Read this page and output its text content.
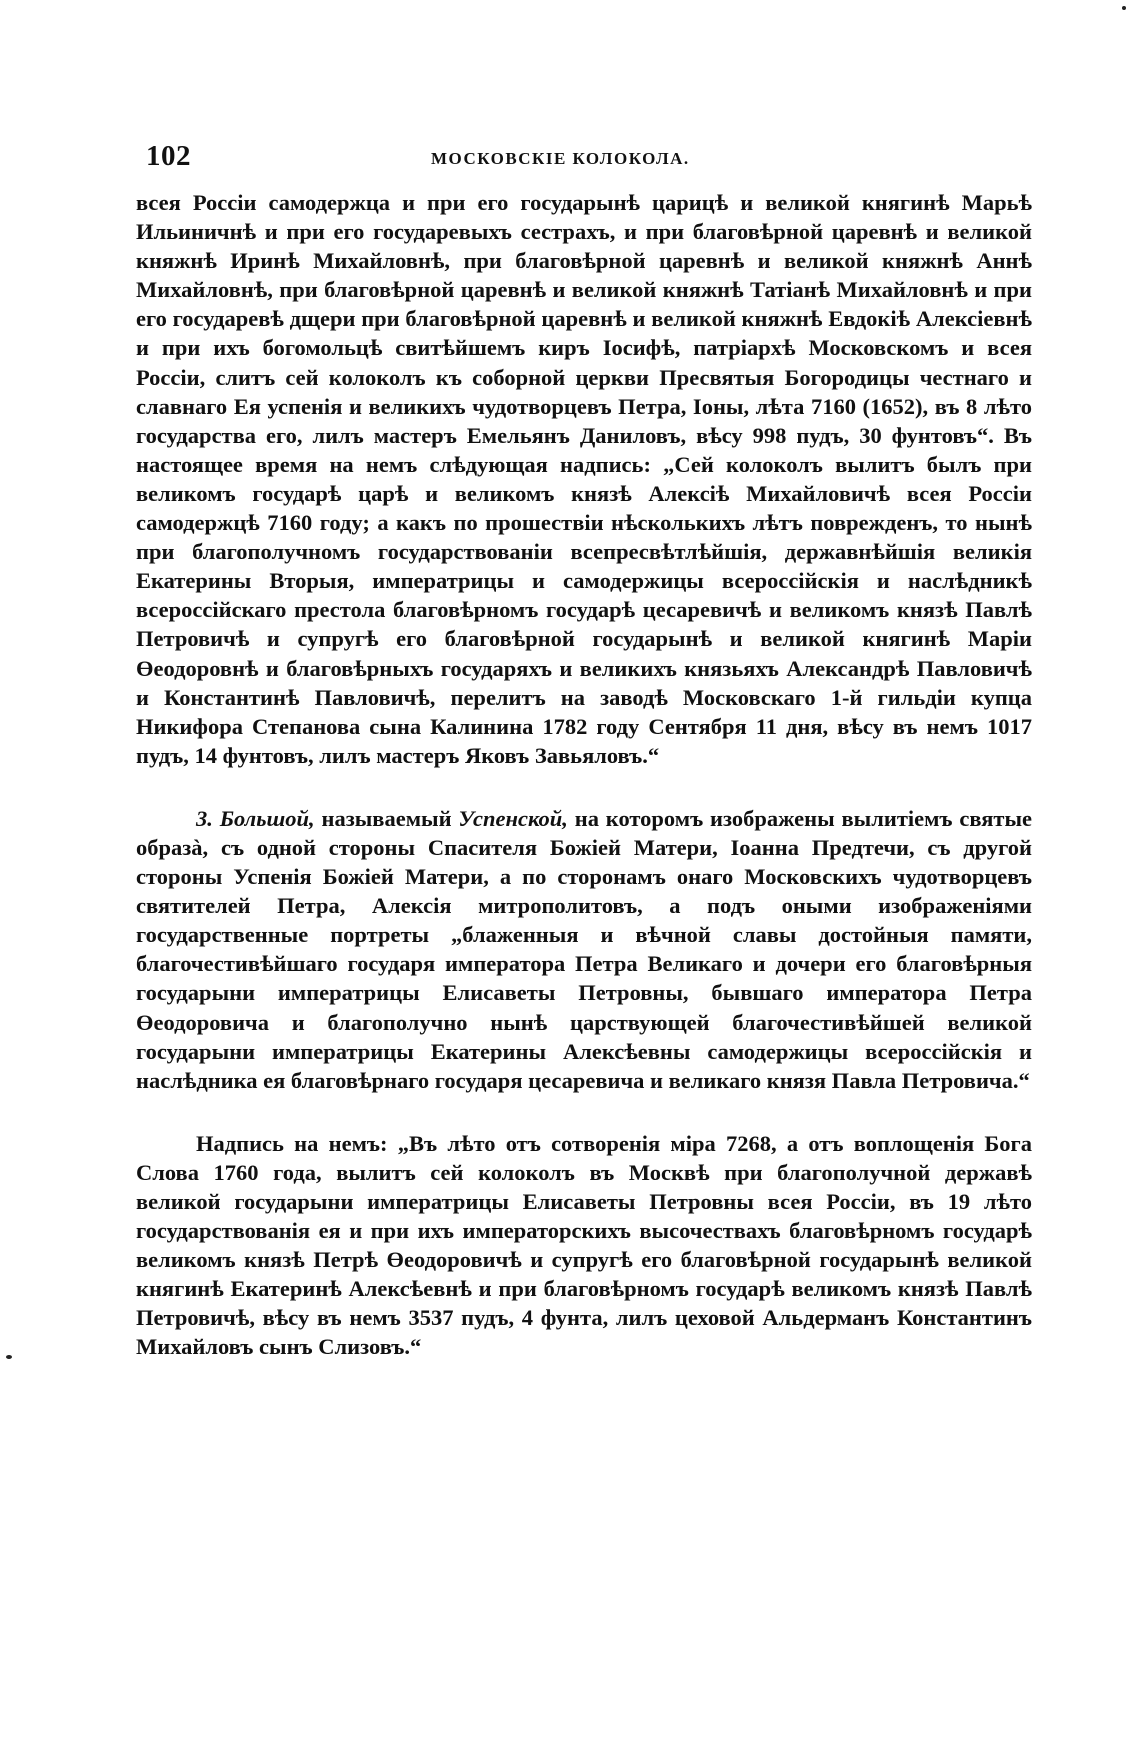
102	МОСКОВСКІЕ КОЛОКОЛА.

всея Россіи самодержца и при его государынѣ царицѣ и великой княгинѣ Марьѣ Ильиничнѣ и при его государевыхъ сестрахъ, и при благовѣрной царевнѣ и великой княжнѣ Иринѣ Михайловнѣ, при благовѣрной царевнѣ и великой княжнѣ Аннѣ Михайловнѣ, при благовѣрной царевнѣ и великой княжнѣ Татіанѣ Михайловнѣ и при его государевѣ дщери при благовѣрной царевнѣ и великой княжнѣ Евдокіѣ Алексіевнѣ и при ихъ богомольцѣ свитѣйшемъ киръ Іосифѣ, патріархѣ Московскомъ и всея Россіи, слитъ сей колоколъ къ соборной церкви Пресвятыя Богородицы честнаго и славнаго Ея успенія и великихъ чудотворцевъ Петра, Іоны, лѣта 7160 (1652), въ 8 лѣто государства его, лилъ мастеръ Емельянъ Даниловъ, вѣсу 998 пудъ, 30 фунтовъ“. Въ настоящее время на немъ слѣдующая надпись: „Сей колоколъ вылитъ былъ при великомъ государѣ царѣ и великомъ князѣ Алексіѣ Михайловичѣ всея Россіи самодержцѣ 7160 году; а какъ по прошествіи нѣсколькихъ лѣтъ поврежденъ, то нынѣ при благополучномъ государствованіи всепресвѣтлѣйшія, державнѣйшія великія Екатерины Вторыя, императрицы и самодержицы всероссійскія и наслѣдникѣ всероссійскаго престола благовѣрномъ государѣ цесаревичѣ и великомъ князѣ Павлѣ Петровичѣ и супругѣ его благовѣрной государынѣ и великой княгинѣ Маріи Өеодоровнѣ и благовѣрныхъ государяхъ и великихъ князьяхъ Александрѣ Павловичѣ и Константинѣ Павловичѣ, перелитъ на заводѣ Московскаго 1-й гильдіи купца Никифора Степанова сына Калинина 1782 году Сентября 11 дня, вѣсу въ немъ 1017 пудъ, 14 фунтовъ, лилъ мастеръ Яковъ Завьяловъ.“

3. Большой, называемый Успенской, на которомъ изображены вылитіемъ святые образà, съ одной стороны Спасителя Божіей Матери, Іоанна Предтечи, съ другой стороны Успенія Божіей Матери, а по сторонамъ онаго Московскихъ чудотворцевъ святителей Петра, Алексія митрополитовъ, а подъ оными изображеніями государственные портреты „блаженныя и вѣчной славы достойныя памяти, благочестивѣйшаго государя императора Петра Великаго и дочери его благовѣрныя государыни императрицы Елисаветы Петровны, бывшаго императора Петра Өеодоровича и благополучно нынѣ царствующей благочестивѣйшей великой государыни императрицы Екатерины Алексѣевны самодержицы всероссійскія и наслѣдника ея благовѣрнаго государя цесаревича и великаго князя Павла Петровича.“

Надпись на немъ: „Въ лѣто отъ сотворенія міра 7268, а отъ воплощенія Бога Слова 1760 года, вылитъ сей колоколъ въ Москвѣ при благополучной державѣ великой государыни императрицы Елисаветы Петровны всея Россіи, въ 19 лѣто государствованія ея и при ихъ императорскихъ высочествахъ благовѣрномъ государѣ великомъ князѣ Петрѣ Өеодоровичѣ и супругѣ его благовѣрной государынѣ великой княгинѣ Екатеринѣ Алексѣевнѣ и при благовѣрномъ государѣ великомъ князѣ Павлѣ Петровичѣ, вѣсу въ немъ 3537 пудъ, 4 фунта, лилъ цеховой Альдерманъ Константинъ Михайловъ сынъ Слизовъ.“
